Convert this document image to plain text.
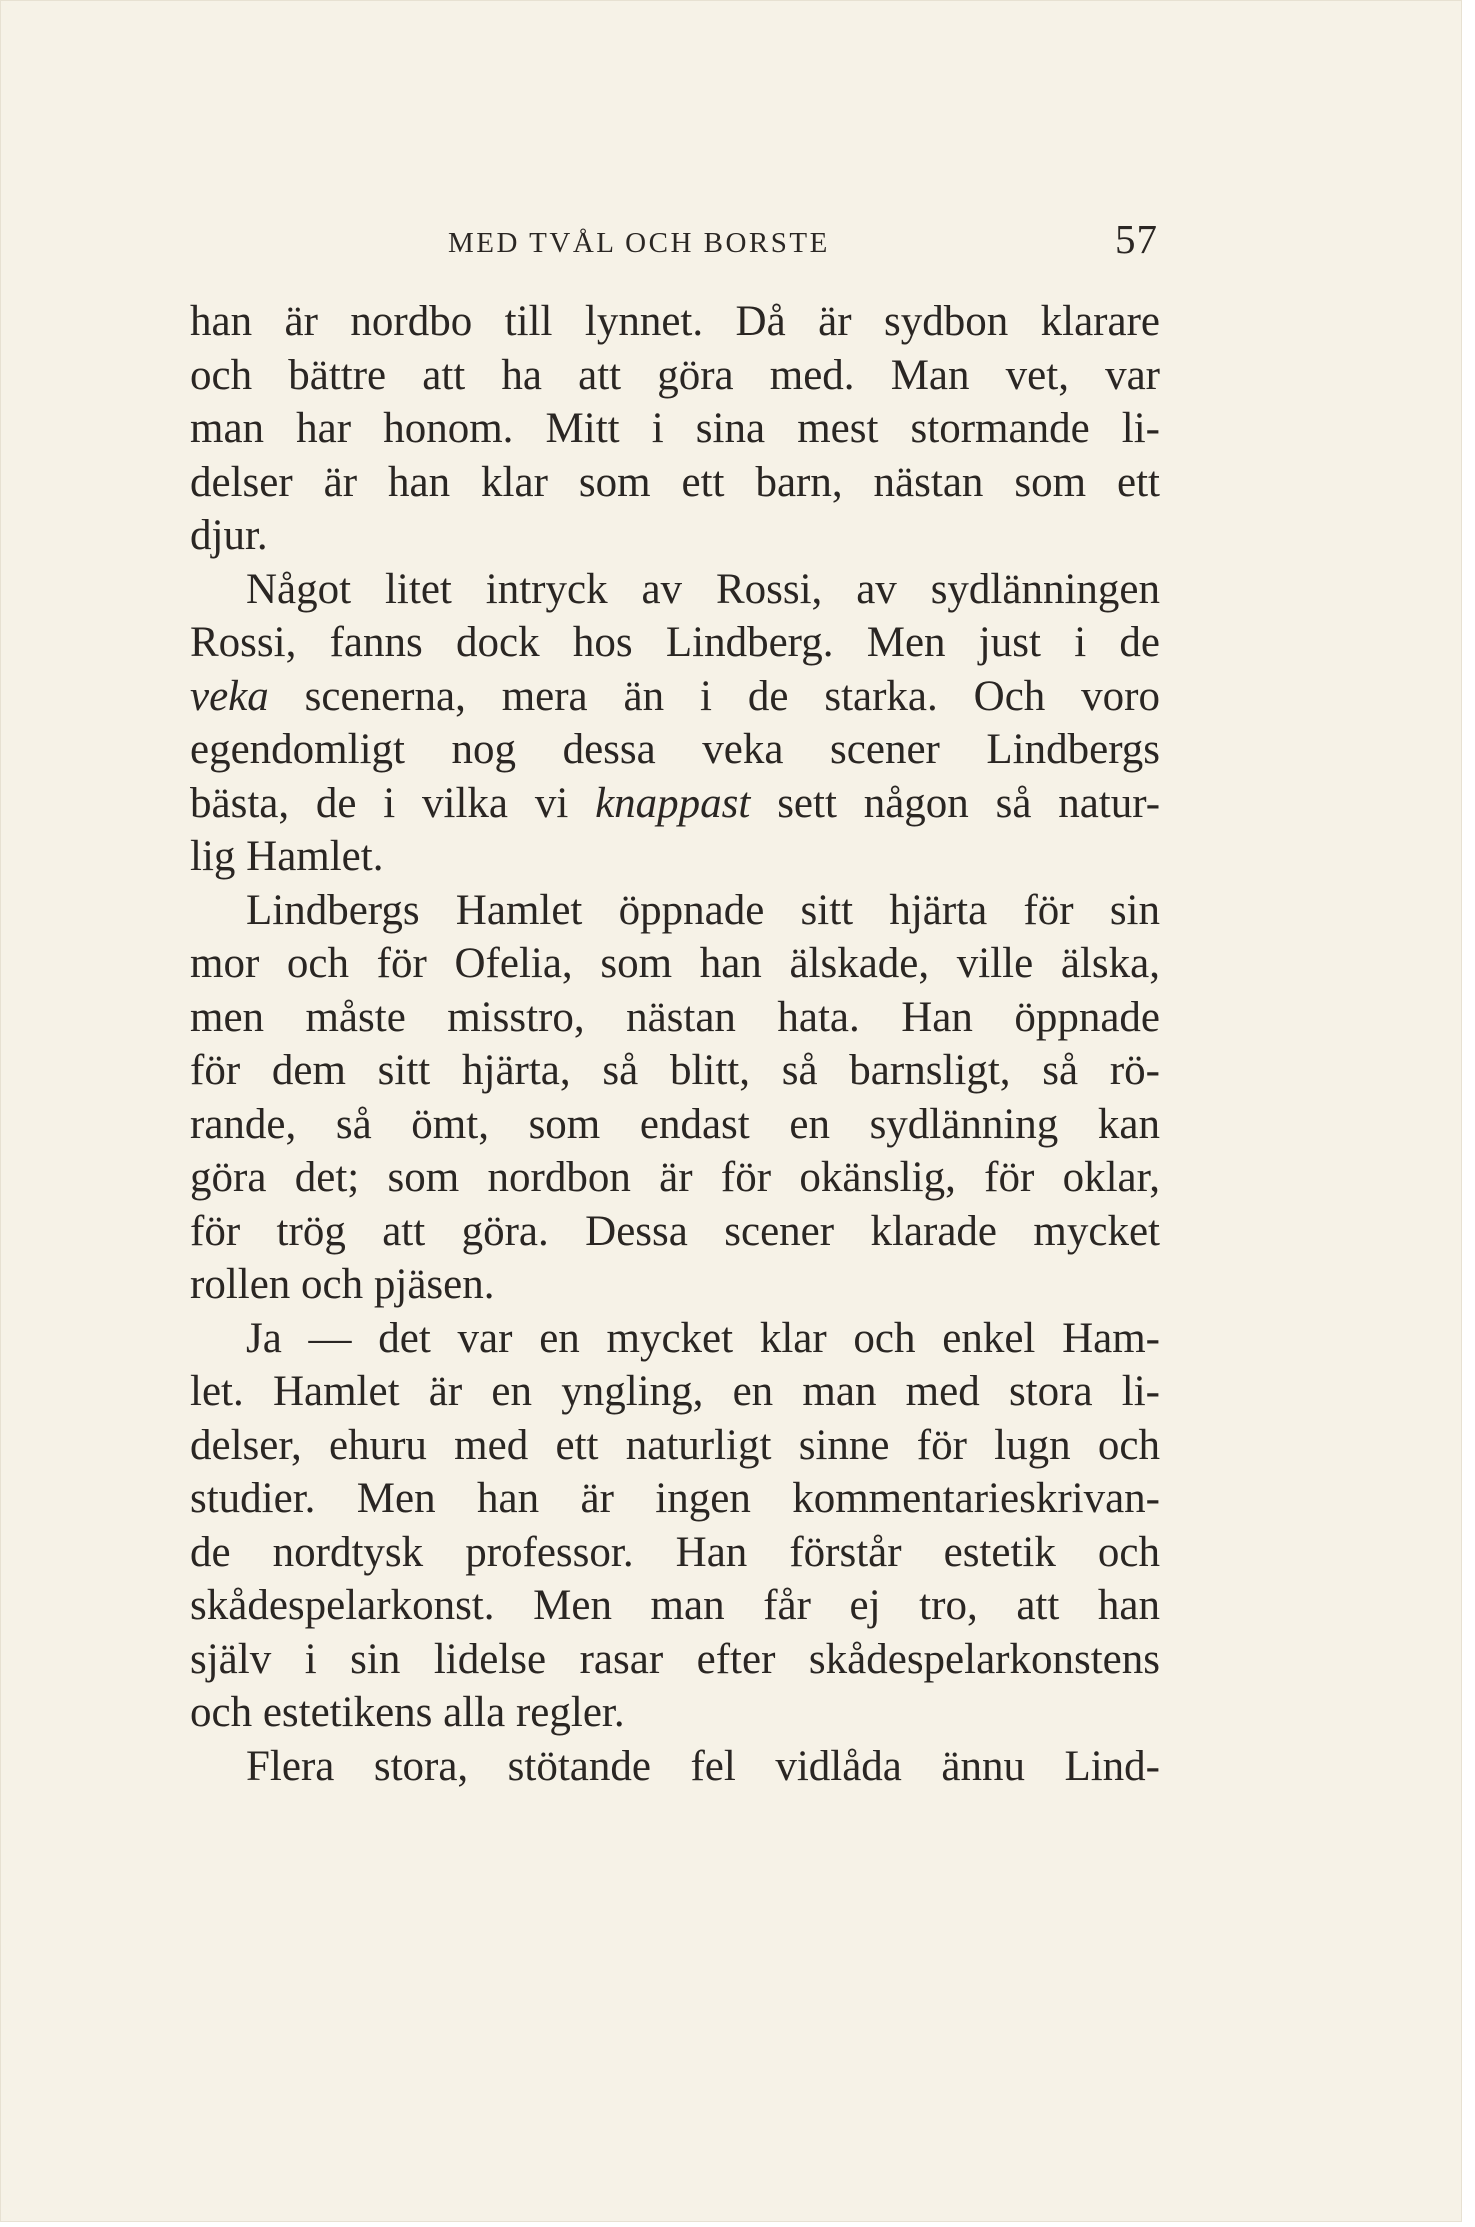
MED TVÅL OCH BORSTE	57
han är nordbo till lynnet. Då är sydbon klarare
och bättre att ha att göra med. Man vet, var
man har honom. Mitt i sina mest stormande li-
delser är han klar som ett barn, nästan som ett
djur.
Något litet intryck av Rossi, av sydlänningen
Rossi, fanns dock hos Lindberg. Men just i de
veka scenerna, mera än i de starka. Och voro
egendomligt nog dessa veka scener Lindbergs
bästa, de i vilka vi knappast sett någon så natur-
lig Hamlet.
Lindbergs Hamlet öppnade sitt hjärta för sin
mor och för Ofelia, som han älskade, ville älska,
men måste misstro, nästan hata. Han öppnade
för dem sitt hjärta, så blitt, så barnsligt, så rö-
rande, så ömt, som endast en sydlänning kan
göra det; som nordbon är för okänslig, för oklar,
för trög att göra. Dessa scener klarade mycket
rollen och pjäsen.
Ja — det var en mycket klar och enkel Ham-
let. Hamlet är en yngling, en man med stora li-
delser, ehuru med ett naturligt sinne för lugn och
studier. Men han är ingen kommentarieskrivan-
de nordtysk professor. Han förstår estetik och
skådespelarkonst. Men man får ej tro, att han
själv i sin lidelse rasar efter skådespelarkonstens
och estetikens alla regler.
Flera stora, stötande fel vidlåda ännu Lind-
